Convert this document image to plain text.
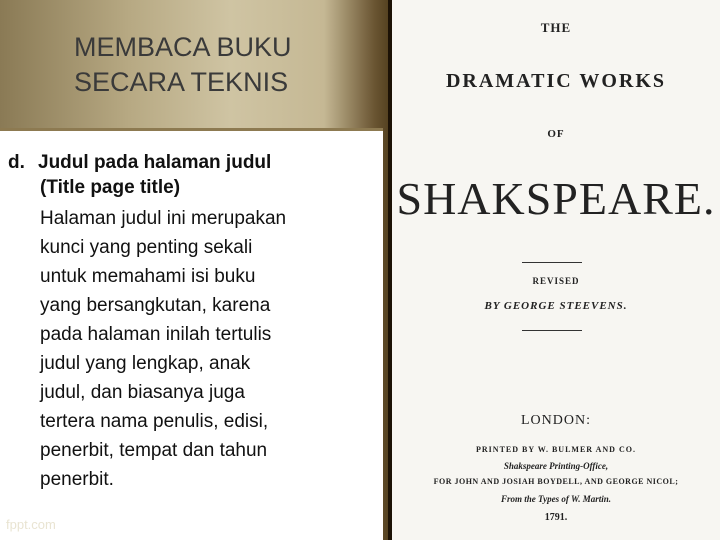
MEMBACA BUKU
SECARA TEKNIS
d. Judul pada halaman judul
(Title page title)
Halaman judul ini merupakan
kunci yang penting sekali
untuk memahami isi buku
yang bersangkutan, karena
pada halaman inilah tertulis
judul yang lengkap, anak
judul, dan biasanya juga
tertera nama penulis, edisi,
penerbit, tempat dan tahun
penerbit.
fppt.com
THE
DRAMATIC WORKS
OF
SHAKSPEARE.
REVISED
BY GEORGE STEEVENS.
LONDON:
PRINTED BY W. BULMER AND CO.
Shakspeare Printing-Office,
FOR JOHN AND JOSIAH BOYDELL, AND GEORGE NICOL;
From the Types of W. Martin.
1791.
